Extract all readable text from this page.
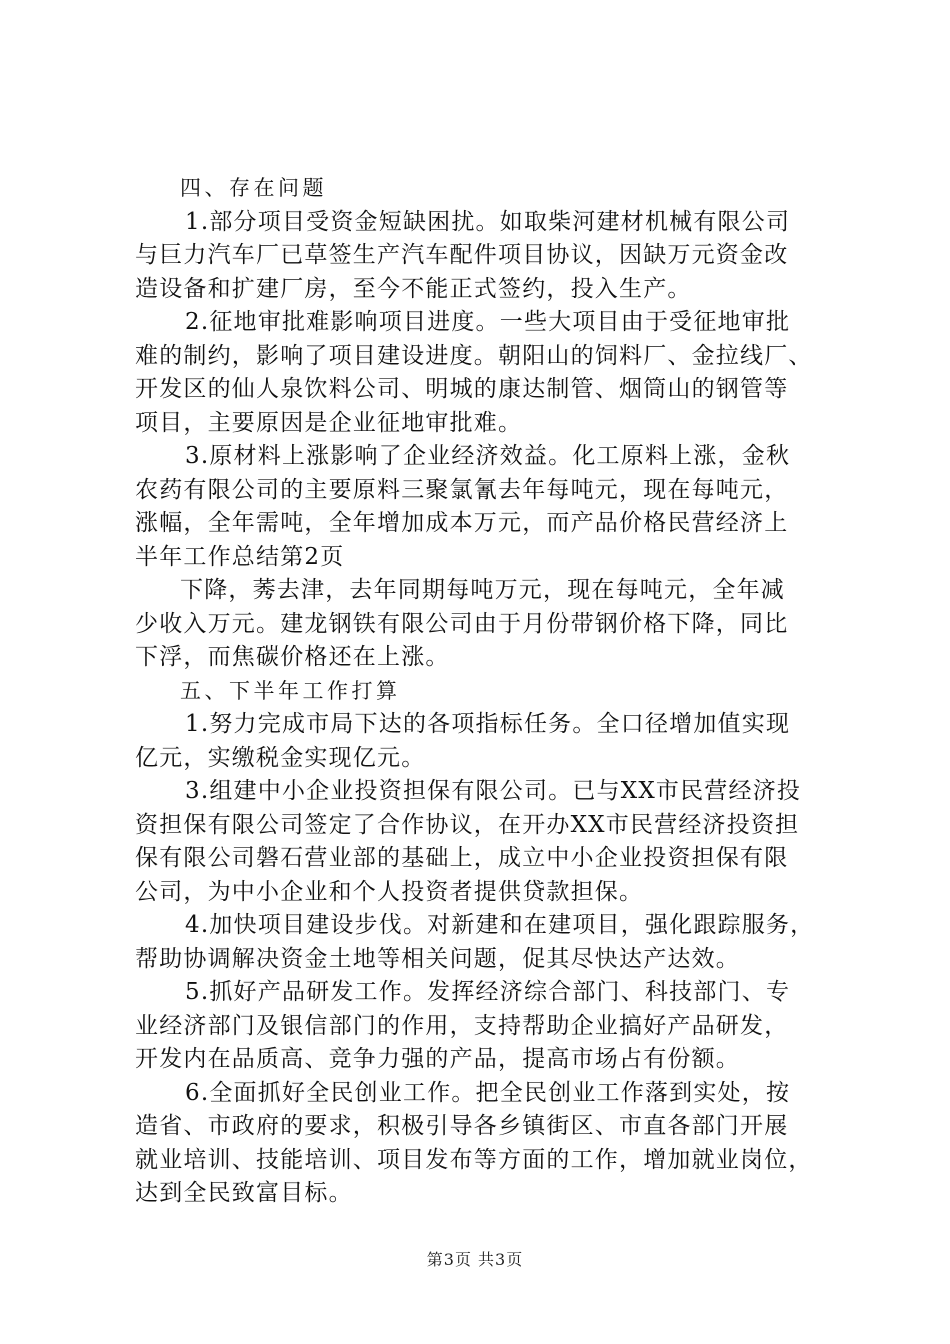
四、存在问题
1.部分项目受资金短缺困扰。如取柴河建材机械有限公司
与巨力汽车厂已草签生产汽车配件项目协议，因缺万元资金改
造设备和扩建厂房，至今不能正式签约，投入生产。
2.征地审批难影响项目进度。一些大项目由于受征地审批
难的制约，影响了项目建设进度。朝阳山的饲料厂、金拉线厂、
开发区的仙人泉饮料公司、明城的康达制管、烟筒山的钢管等
项目，主要原因是企业征地审批难。
3.原材料上涨影响了企业经济效益。化工原料上涨，金秋
农药有限公司的主要原料三聚氯氰去年每吨元，现在每吨元，
涨幅，全年需吨，全年增加成本万元，而产品价格民营经济上
半年工作总结第2页
下降，莠去津，去年同期每吨万元，现在每吨元，全年减
少收入万元。建龙钢铁有限公司由于月份带钢价格下降，同比
下浮，而焦碳价格还在上涨。
五、下半年工作打算
1.努力完成市局下达的各项指标任务。全口径增加值实现
亿元，实缴税金实现亿元。
3.组建中小企业投资担保有限公司。已与XX市民营经济投
资担保有限公司签定了合作协议，在开办XX市民营经济投资担
保有限公司磐石营业部的基础上，成立中小企业投资担保有限
公司，为中小企业和个人投资者提供贷款担保。
4.加快项目建设步伐。对新建和在建项目，强化跟踪服务，
帮助协调解决资金土地等相关问题，促其尽快达产达效。
5.抓好产品研发工作。发挥经济综合部门、科技部门、专
业经济部门及银信部门的作用，支持帮助企业搞好产品研发，
开发内在品质高、竞争力强的产品，提高市场占有份额。
6.全面抓好全民创业工作。把全民创业工作落到实处，按
造省、市政府的要求，积极引导各乡镇街区、市直各部门开展
就业培训、技能培训、项目发布等方面的工作，增加就业岗位，
达到全民致富目标。
第3页 共3页
